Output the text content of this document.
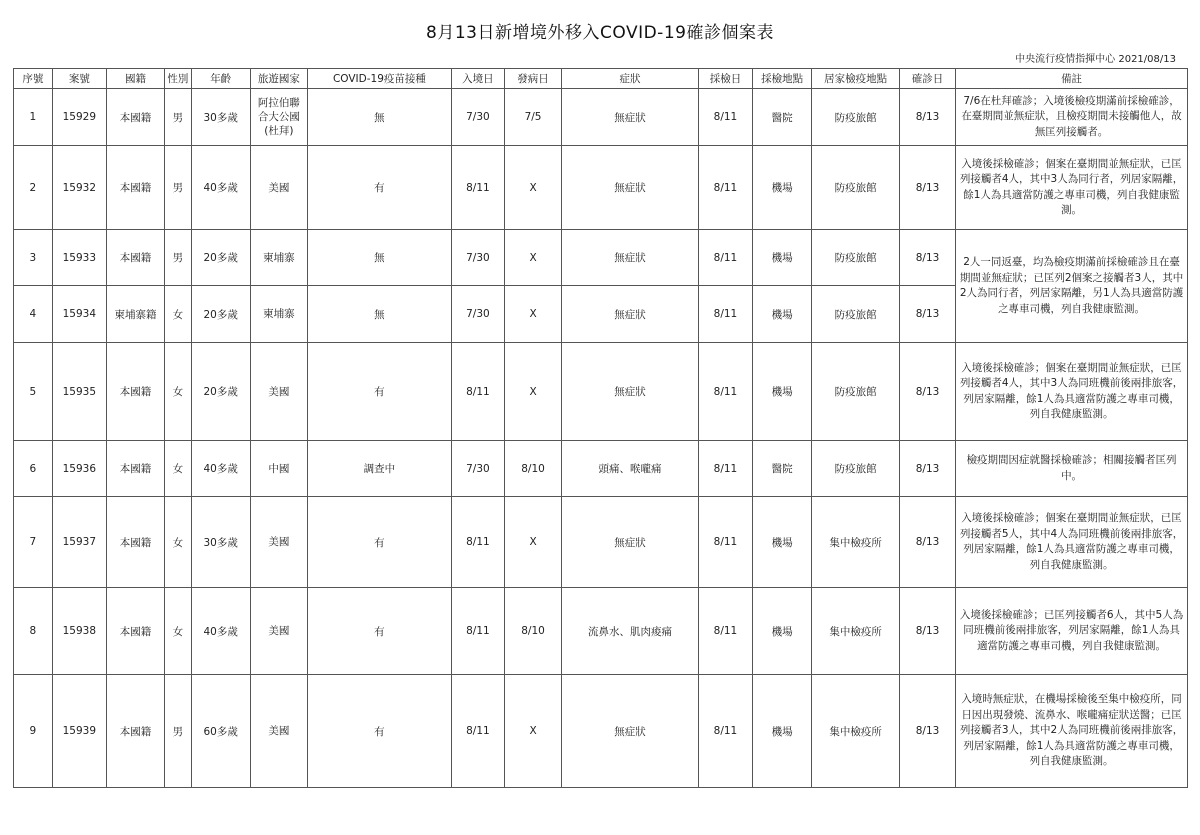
8月13日新增境外移入COVID-19確診個案表
中央流行疫情指揮中心 2021/08/13
序號	案號	國籍	性別	年齡	旅遊國家	COVID-19疫苗接種	入境日	發病日	症狀	採檢日	採檢地點	居家檢疫地點	確診日	備註
1	15929	本國籍	男	30多歲	阿拉伯聯合大公國(杜拜)	無	7/30	7/5	無症狀	8/11	醫院	防疫旅館	8/13	7/6在杜拜確診；入境後檢疫期滿前採檢確診，在臺期間並無症狀，且檢疫期間未接觸他人，故無匡列接觸者。
2	15932	本國籍	男	40多歲	美國	有	8/11	X	無症狀	8/11	機場	防疫旅館	8/13	入境後採檢確診；個案在臺期間並無症狀，已匡列接觸者4人，其中3人為同行者，列居家隔離，餘1人為具適當防護之專車司機，列自我健康監測。
3	15933	本國籍	男	20多歲	柬埔寨	無	7/30	X	無症狀	8/11	機場	防疫旅館	8/13	2人一同返臺，均為檢疫期滿前採檢確診且在臺期間並無症狀；已匡列2個案之接觸者3人，其中2人為同行者，列居家隔離，另1人為具適當防護之專車司機，列自我健康監測。
4	15934	柬埔寨籍	女	20多歲	柬埔寨	無	7/30	X	無症狀	8/11	機場	防疫旅館	8/13	
5	15935	本國籍	女	20多歲	美國	有	8/11	X	無症狀	8/11	機場	防疫旅館	8/13	入境後採檢確診；個案在臺期間並無症狀，已匡列接觸者4人，其中3人為同班機前後兩排旅客，列居家隔離，餘1人為具適當防護之專車司機，列自我健康監測。
6	15936	本國籍	女	40多歲	中國	調查中	7/30	8/10	頭痛、喉嚨痛	8/11	醫院	防疫旅館	8/13	檢疫期間因症就醫採檢確診；相關接觸者匡列中。
7	15937	本國籍	女	30多歲	美國	有	8/11	X	無症狀	8/11	機場	集中檢疫所	8/13	入境後採檢確診；個案在臺期間並無症狀，已匡列接觸者5人，其中4人為同班機前後兩排旅客，列居家隔離，餘1人為具適當防護之專車司機，列自我健康監測。
8	15938	本國籍	女	40多歲	美國	有	8/11	8/10	流鼻水、肌肉痠痛	8/11	機場	集中檢疫所	8/13	入境後採檢確診；已匡列接觸者6人，其中5人為同班機前後兩排旅客，列居家隔離，餘1人為具適當防護之專車司機，列自我健康監測。
9	15939	本國籍	男	60多歲	美國	有	8/11	X	無症狀	8/11	機場	集中檢疫所	8/13	入境時無症狀，在機場採檢後至集中檢疫所，同日因出現發燒、流鼻水、喉嚨痛症狀送醫；已匡列接觸者3人，其中2人為同班機前後兩排旅客，列居家隔離，餘1人為具適當防護之專車司機，列自我健康監測。
